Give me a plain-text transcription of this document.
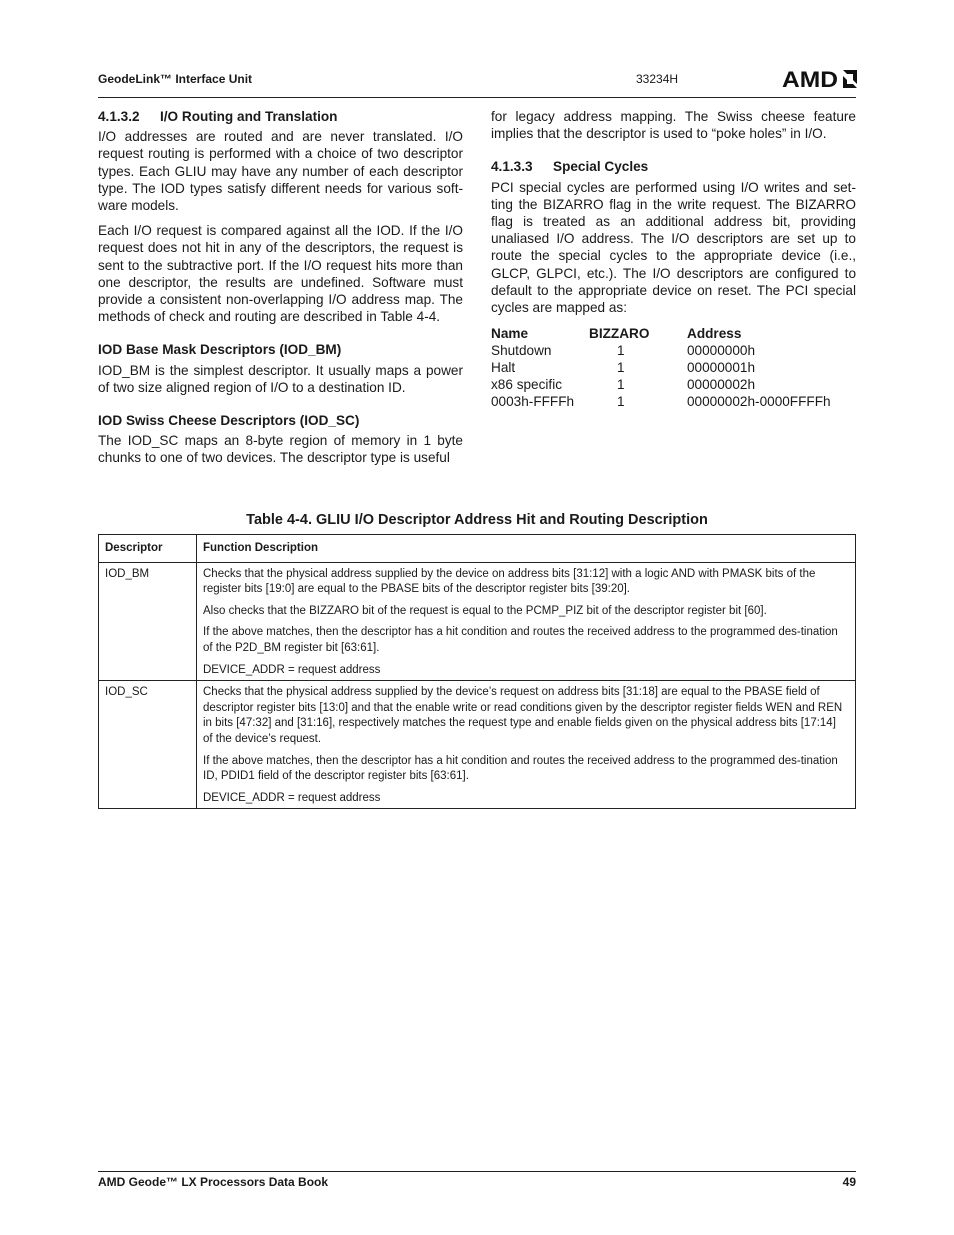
GeodeLink™ Interface Unit	33234H	AMD
4.1.3.2 I/O Routing and Translation

I/O addresses are routed and are never translated. I/O request routing is performed with a choice of two descriptor types. Each GLIU may have any number of each descriptor type. The IOD types satisfy different needs for various soft-ware models.

Each I/O request is compared against all the IOD. If the I/O request does not hit in any of the descriptors, the request is sent to the subtractive port. If the I/O request hits more than one descriptor, the results are undefined. Software must provide a consistent non-overlapping I/O address map. The methods of check and routing are described in Table 4-4.

IOD Base Mask Descriptors (IOD_BM)

IOD_BM is the simplest descriptor. It usually maps a power of two size aligned region of I/O to a destination ID.

IOD Swiss Cheese Descriptors (IOD_SC)

The IOD_SC maps an 8-byte region of memory in 1 byte chunks to one of two devices. The descriptor type is useful

for legacy address mapping. The Swiss cheese feature implies that the descriptor is used to “poke holes” in I/O.

4.1.3.3 Special Cycles

PCI special cycles are performed using I/O writes and set-ting the BIZARRO flag in the write request. The BIZARRO flag is treated as an additional address bit, providing unaliased I/O address. The I/O descriptors are set up to route the special cycles to the appropriate device (i.e., GLCP, GLPCI, etc.). The I/O descriptors are configured to default to the appropriate device on reset. The PCI special cycles are mapped as:

Name	BIZZARO	Address
Shutdown	1	00000000h
Halt	1	00000001h
x86 specific	1	00000002h
0003h-FFFFh	1	00000002h-0000FFFFh
Table 4-4. GLIU I/O Descriptor Address Hit and Routing Description
Descriptor	Function Description
IOD_BM	Checks that the physical address supplied by the device on address bits [31:12] with a logic AND with PMASK bits of the register bits [19:0] are equal to the PBASE bits of the descriptor register bits [39:20].

Also checks that the BIZZARO bit of the request is equal to the PCMP_PIZ bit of the descriptor register bit [60].

If the above matches, then the descriptor has a hit condition and routes the received address to the programmed des-tination of the P2D_BM register bit [63:61].

DEVICE_ADDR = request address

IOD_SC	Checks that the physical address supplied by the device’s request on address bits [31:18] are equal to the PBASE field of descriptor register bits [13:0] and that the enable write or read conditions given by the descriptor register fields WEN and REN in bits [47:32] and [31:16], respectively matches the request type and enable fields given on the physical address bits [17:14] of the device’s request.

If the above matches, then the descriptor has a hit condition and routes the received address to the programmed des-tination ID, PDID1 field of the descriptor register bits [63:61].

DEVICE_ADDR = request address

AMD Geode™ LX Processors Data Book	49
